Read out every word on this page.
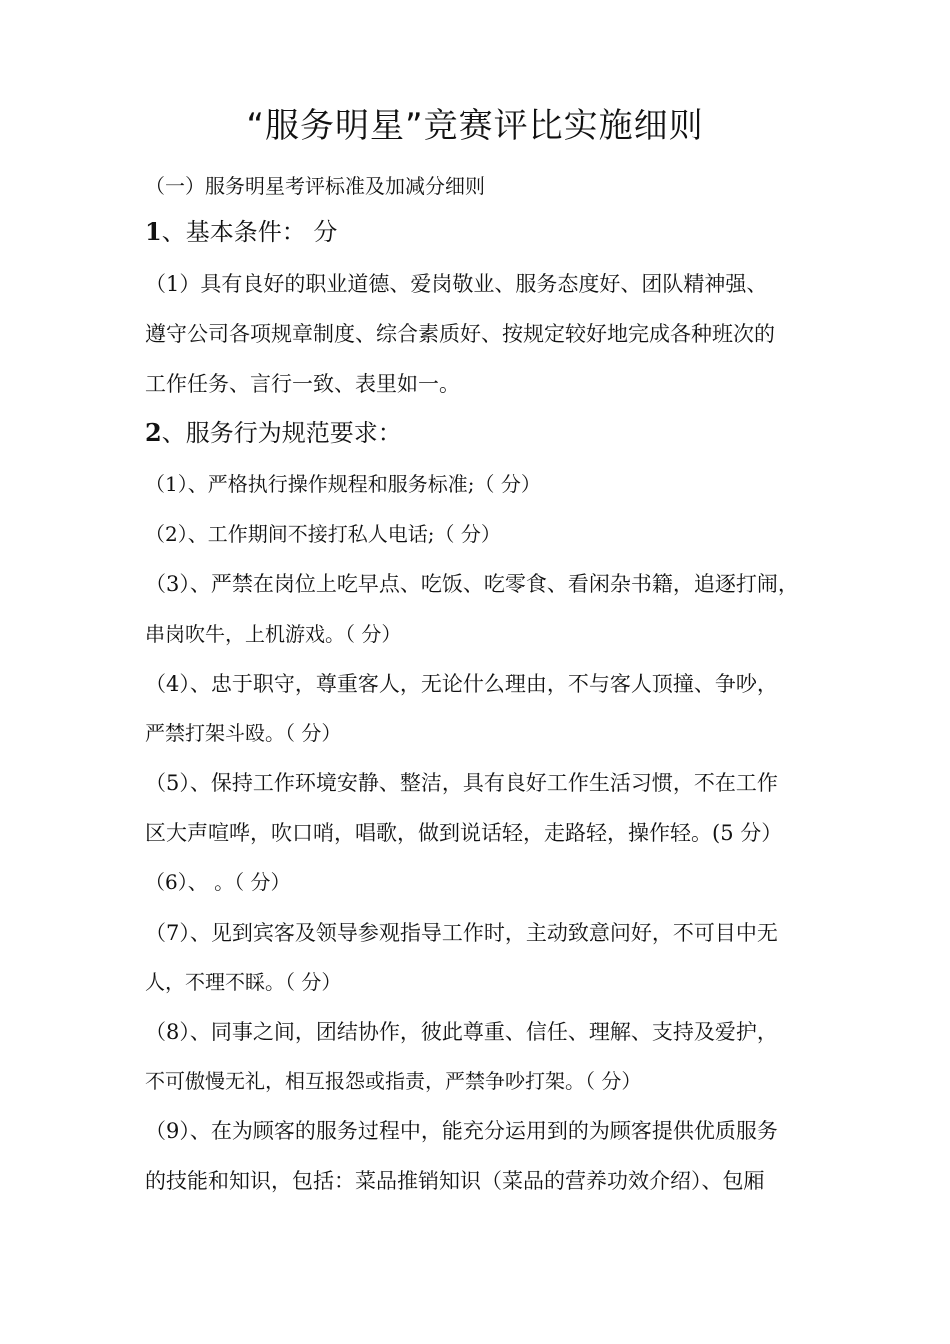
“服务明星”竞赛评比实施细则

（一）服务明星考评标准及加减分细则

1、基本条件： 分

（1）具有良好的职业道德、爱岗敬业、服务态度好、团队精神强、

遵守公司各项规章制度、综合素质好、按规定较好地完成各种班次的

工作任务、言行一致、表里如一。

2、服务行为规范要求：

（1）、严格执行操作规程和服务标准;（ 分）

（2）、工作期间不接打私人电话;（ 分）

（3）、严禁在岗位上吃早点、吃饭、吃零食、看闲杂书籍，追逐打闹，

串岗吹牛，上机游戏。（ 分）

（4）、忠于职守，尊重客人，无论什么理由，不与客人顶撞、争吵，

严禁打架斗殴。（ 分）

（5）、保持工作环境安静、整洁，具有良好工作生活习惯，不在工作

区大声喧哗，吹口哨，唱歌，做到说话轻，走路轻，操作轻。(5 分）

（6）、 。（ 分）

（7）、见到宾客及领导参观指导工作时，主动致意问好，不可目中无

人，不理不睬。（ 分）

（8）、同事之间，团结协作，彼此尊重、信任、理解、支持及爱护，

不可傲慢无礼，相互报怨或指责，严禁争吵打架。（ 分）

（9）、在为顾客的服务过程中，能充分运用到的为顾客提供优质服务

的技能和知识，包括：菜品推销知识（菜品的营养功效介绍）、包厢
